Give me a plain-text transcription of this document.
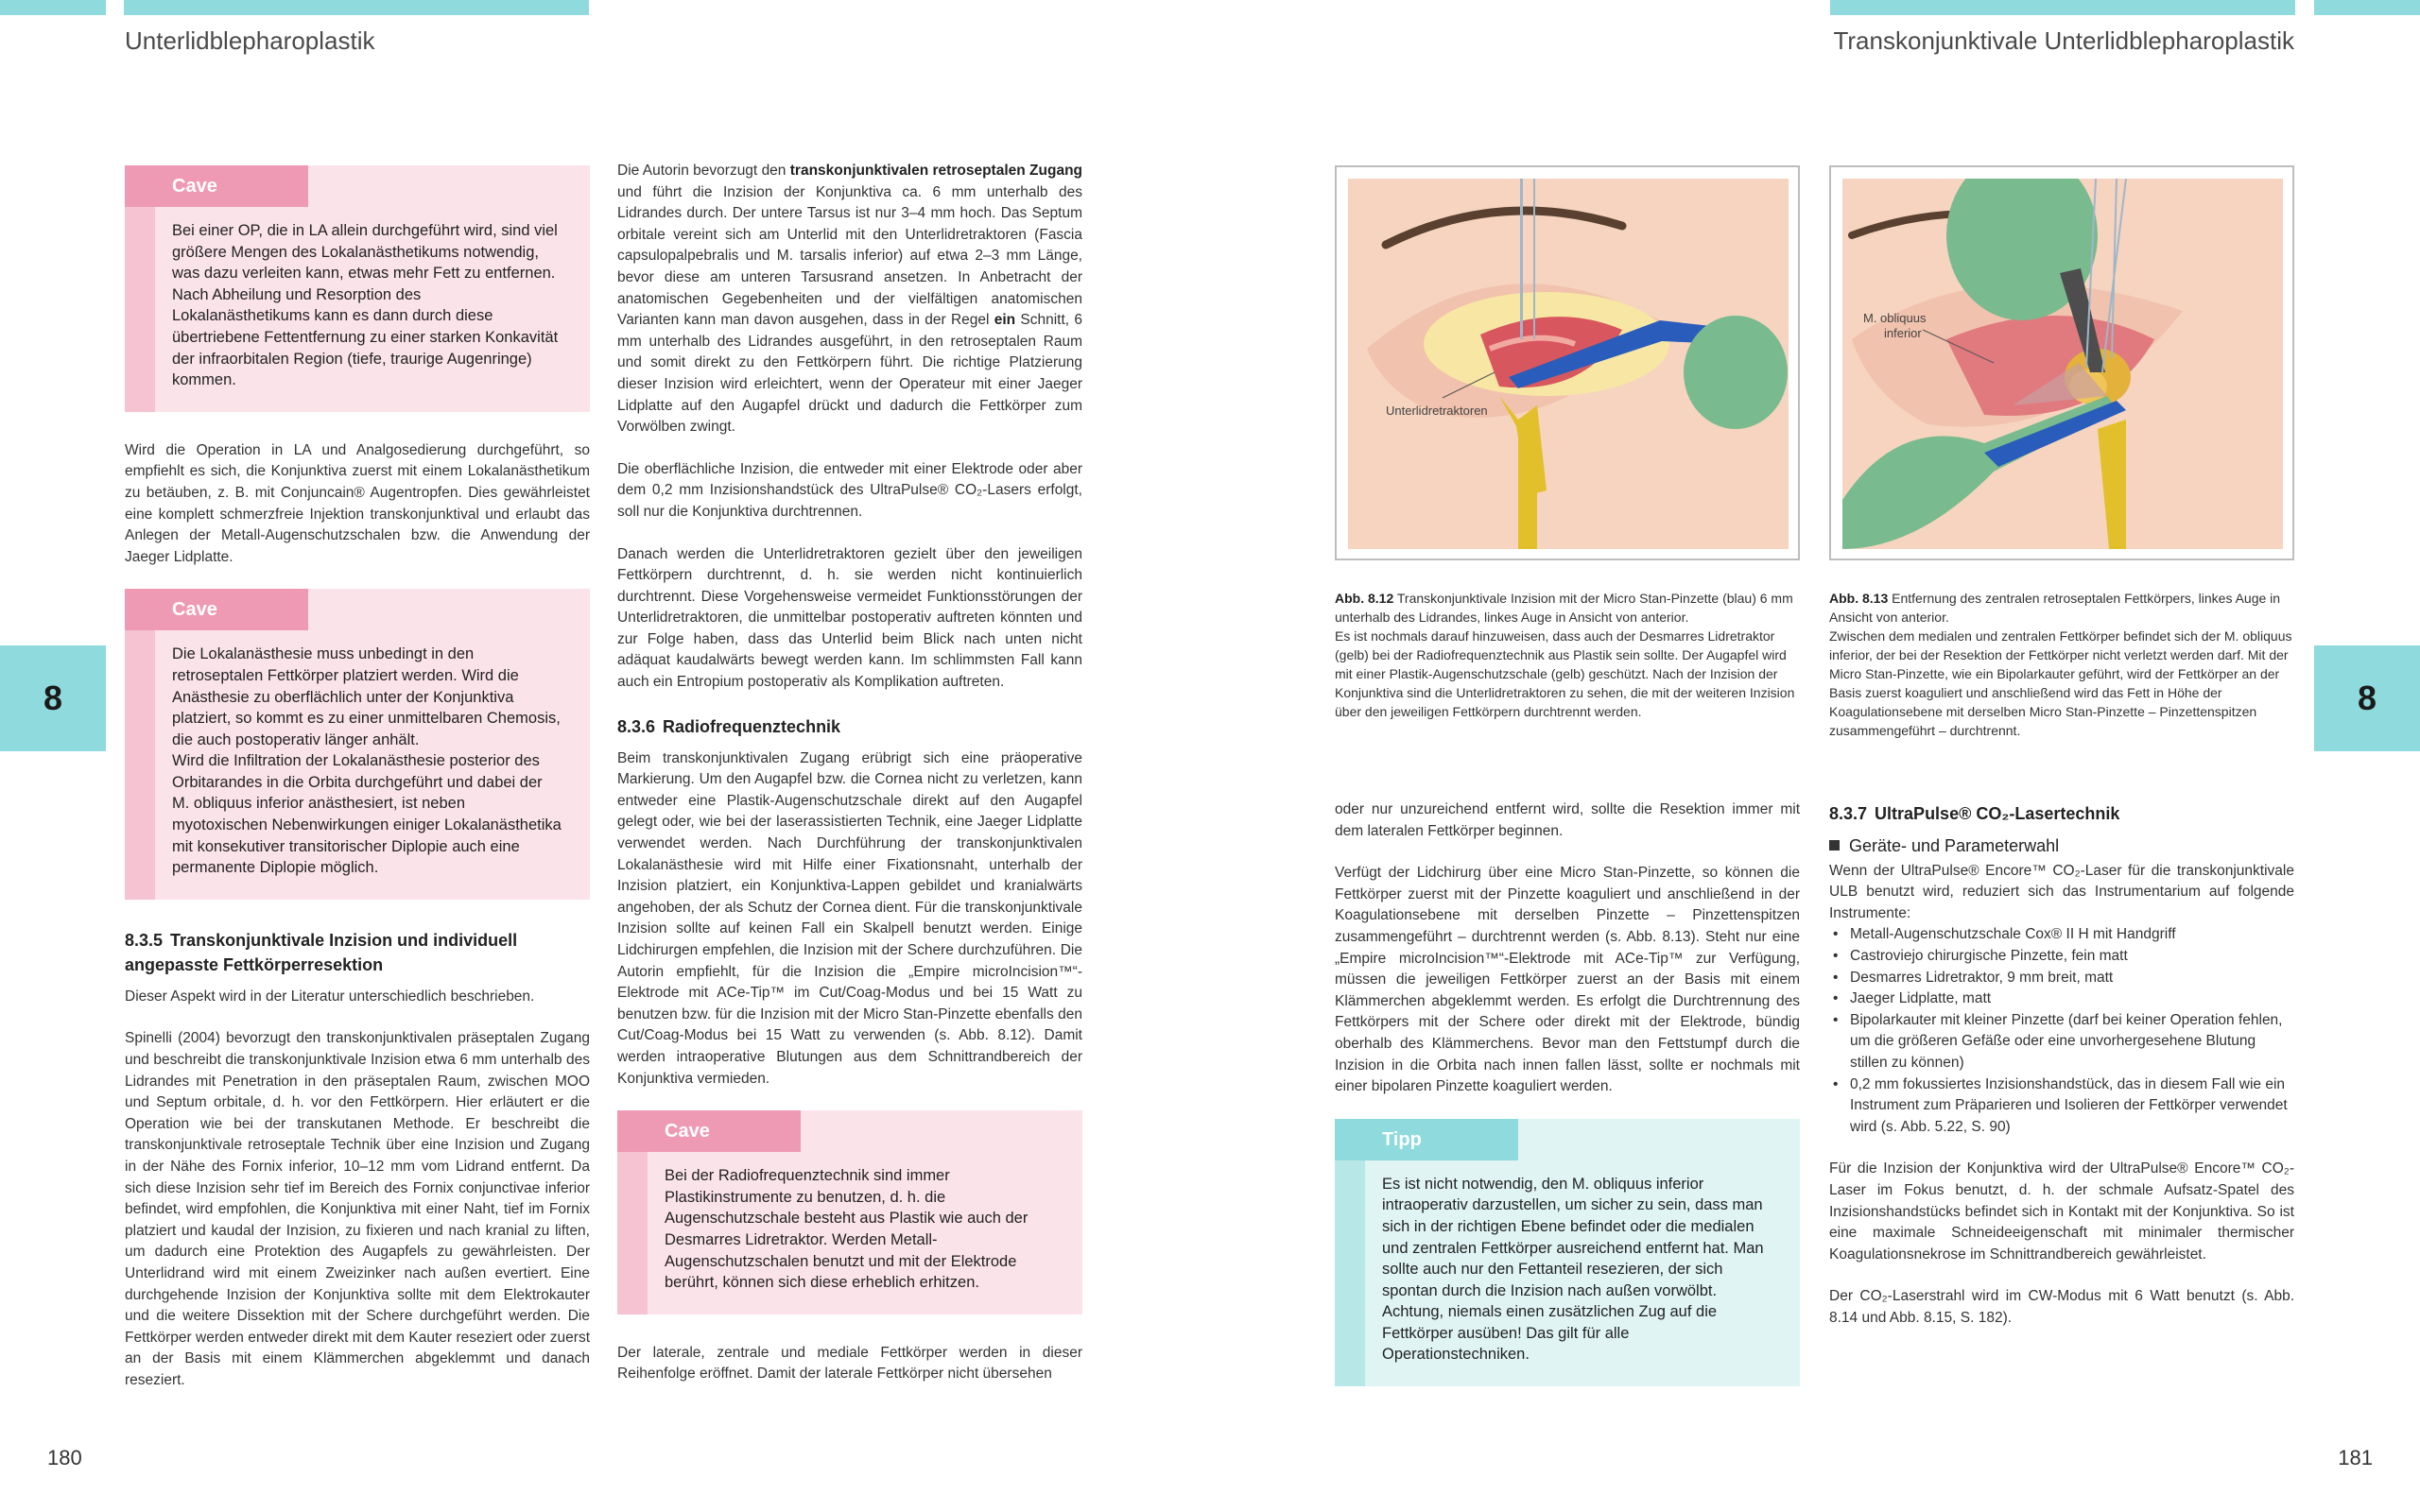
Unterlidblepharoplastik	Transkonjunktivale Unterlidblepharoplastik
8	8
180	181
Cave

Bei einer OP, die in LA allein durchgeführt wird, sind viel größere Mengen des Lokalanästhetikums notwendig, was dazu verleiten kann, etwas mehr Fett zu entfernen. Nach Abheilung und Resorption des Lokalanästhetikums kann es dann durch diese übertriebene Fettentfernung zu einer starken Konkavität der infraorbitalen Region (tiefe, traurige Augenringe) kommen.

Wird die Operation in LA und Analgosedierung durchgeführt, so empfiehlt es sich, die Konjunktiva zuerst mit einem Lokalanästhetikum zu betäuben, z. B. mit Conjuncain® Augentropfen. Dies gewährleistet eine komplett schmerzfreie Injektion transkonjunktival und erlaubt das Anlegen der Metall-Augenschutzschalen bzw. die Anwendung der Jaeger Lidplatte.

Cave

Die Lokalanästhesie muss unbedingt in den retroseptalen Fettkörper platziert werden. Wird die Anästhesie zu oberflächlich unter der Konjunktiva platziert, so kommt es zu einer unmittelbaren Chemosis, die auch postoperativ länger anhält.

Wird die Infiltration der Lokalanästhesie posterior des Orbitarandes in die Orbita durchgeführt und dabei der M. obliquus inferior anästhesiert, ist neben myotoxischen Nebenwirkungen einiger Lokalanästhetika mit konsekutiver transitorischer Diplopie auch eine permanente Diplopie möglich.

8.3.5 Transkonjunktivale Inzision und individuell angepasste Fettkörperresektion

Dieser Aspekt wird in der Literatur unterschiedlich beschrieben.

Spinelli (2004) bevorzugt den transkonjunktivalen präseptalen Zugang und beschreibt die transkonjunktivale Inzision etwa 6 mm unterhalb des Lidrandes mit Penetration in den präseptalen Raum, zwischen MOO und Septum orbitale, d. h. vor den Fettkörpern. Hier erläutert er die Operation wie bei der transkutanen Methode. Er beschreibt die transkonjunktivale retroseptale Technik über eine Inzision und Zugang in der Nähe des Fornix inferior, 10–12 mm vom Lidrand entfernt. Da sich diese Inzision sehr tief im Bereich des Fornix conjunctivae inferior befindet, wird empfohlen, die Konjunktiva mit einer Naht, tief im Fornix platziert und kaudal der Inzision, zu fixieren und nach kranial zu liften, um dadurch eine Protektion des Augapfels zu gewährleisten. Der Unterlidrand wird mit einem Zweizinker nach außen evertiert. Eine durchgehende Inzision der Konjunktiva sollte mit dem Elektrokauter und die weitere Dissektion mit der Schere durchgeführt werden. Die Fettkörper werden entweder direkt mit dem Kauter reseziert oder zuerst an der Basis mit einem Klämmerchen abgeklemmt und danach reseziert.

Die Autorin bevorzugt den transkonjunktivalen retroseptalen Zugang und führt die Inzision der Konjunktiva ca. 6 mm unterhalb des Lidrandes durch. Der untere Tarsus ist nur 3–4 mm hoch. Das Septum orbitale vereint sich am Unterlid mit den Unterlidretraktoren (Fascia capsulopalpebralis und M. tarsalis inferior) auf etwa 2–3 mm Länge, bevor diese am unteren Tarsusrand ansetzen. In Anbetracht der anatomischen Gegebenheiten und der vielfältigen anatomischen Varianten kann man davon ausgehen, dass in der Regel ein Schnitt, 6 mm unterhalb des Lidrandes ausgeführt, in den retroseptalen Raum und somit direkt zu den Fettkörpern führt. Die richtige Platzierung dieser Inzision wird erleichtert, wenn der Operateur mit einer Jaeger Lidplatte auf den Augapfel drückt und dadurch die Fettkörper zum Vorwölben zwingt.

Die oberflächliche Inzision, die entweder mit einer Elektrode oder aber dem 0,2 mm Inzisionshandstück des UltraPulse® CO₂-Lasers erfolgt, soll nur die Konjunktiva durchtrennen.

Danach werden die Unterlidretraktoren gezielt über den jeweiligen Fettkörpern durchtrennt, d. h. sie werden nicht kontinuierlich durchtrennt. Diese Vorgehensweise vermeidet Funktionsstörungen der Unterlidretraktoren, die unmittelbar postoperativ auftreten könnten und zur Folge haben, dass das Unterlid beim Blick nach unten nicht adäquat kaudalwärts bewegt werden kann. Im schlimmsten Fall kann auch ein Entropium postoperativ als Komplikation auftreten.

8.3.6 Radiofrequenztechnik

Beim transkonjunktivalen Zugang erübrigt sich eine präoperative Markierung. Um den Augapfel bzw. die Cornea nicht zu verletzen, kann entweder eine Plastik-Augenschutzschale direkt auf den Augapfel gelegt oder, wie bei der laserassistierten Technik, eine Jaeger Lidplatte verwendet werden. Nach Durchführung der transkonjunktivalen Lokalanästhesie wird mit Hilfe einer Fixationsnaht, unterhalb der Inzision platziert, ein Konjunktiva-Lappen gebildet und kranialwärts angehoben, der als Schutz der Cornea dient. Für die transkonjunktivale Inzision sollte auf keinen Fall ein Skalpell benutzt werden. Einige Lidchirurgen empfehlen, die Inzision mit der Schere durchzuführen. Die Autorin empfiehlt, für die Inzision die „Empire microIncision™“-Elektrode mit ACe-Tip™ im Cut/Coag-Modus und bei 15 Watt zu benutzen bzw. für die Inzision mit der Micro Stan-Pinzette ebenfalls den Cut/Coag-Modus bei 15 Watt zu verwenden (s. Abb. 8.12). Damit werden intraoperative Blutungen aus dem Schnittrandbereich der Konjunktiva vermieden.

Cave

Bei der Radiofrequenztechnik sind immer Plastikinstrumente zu benutzen, d. h. die Augenschutzschale besteht aus Plastik wie auch der Desmarres Lidretraktor. Werden Metall-Augenschutzschalen benutzt und mit der Elektrode berührt, können sich diese erheblich erhitzen.

Der laterale, zentrale und mediale Fettkörper werden in dieser Reihenfolge eröffnet. Damit der laterale Fettkörper nicht übersehen

Unterlidretraktoren
Abb. 8.12 Transkonjunktivale Inzision mit der Micro Stan-Pinzette (blau) 6 mm unterhalb des Lidrandes, linkes Auge in Ansicht von anterior.
Es ist nochmals darauf hinzuweisen, dass auch der Desmarres Lidretraktor (gelb) bei der Radiofrequenztechnik aus Plastik sein sollte. Der Augapfel wird mit einer Plastik-Augenschutzschale (gelb) geschützt. Nach der Inzision der Konjunktiva sind die Unterlidretraktoren zu sehen, die mit der weiteren Inzision über den jeweiligen Fettkörpern durchtrennt werden.
M. obliquus
inferior
Abb. 8.13 Entfernung des zentralen retroseptalen Fettkörpers, linkes Auge in Ansicht von anterior.
Zwischen dem medialen und zentralen Fettkörper befindet sich der M. obliquus inferior, der bei der Resektion der Fettkörper nicht verletzt werden darf. Mit der Micro Stan-Pinzette, wie ein Bipolarkauter geführt, wird der Fettkörper an der Basis zuerst koaguliert und anschließend wird das Fett in Höhe der Koagulationsebene mit derselben Micro Stan-Pinzette – Pinzettenspitzen zusammengeführt – durchtrennt.

oder nur unzureichend entfernt wird, sollte die Resektion immer mit dem lateralen Fettkörper beginnen.

Verfügt der Lidchirurg über eine Micro Stan-Pinzette, so können die Fettkörper zuerst mit der Pinzette koaguliert und anschließend in der Koagulationsebene mit derselben Pinzette – Pinzettenspitzen zusammengeführt – durchtrennt werden (s. Abb. 8.13). Steht nur eine „Empire microIncision™“-Elektrode mit ACe-Tip™ zur Verfügung, müssen die jeweiligen Fettkörper zuerst an der Basis mit einem Klämmerchen abgeklemmt werden. Es erfolgt die Durchtrennung des Fettkörpers mit der Schere oder direkt mit der Elektrode, bündig oberhalb des Klämmerchens. Bevor man den Fettstumpf durch die Inzision in die Orbita nach innen fallen lässt, sollte er nochmals mit einer bipolaren Pinzette koaguliert werden.

Tipp

Es ist nicht notwendig, den M. obliquus inferior intraoperativ darzustellen, um sicher zu sein, dass man sich in der richtigen Ebene befindet oder die medialen und zentralen Fettkörper ausreichend entfernt hat. Man sollte auch nur den Fettanteil resezieren, der sich spontan durch die Inzision nach außen vorwölbt.

Achtung, niemals einen zusätzlichen Zug auf die Fettkörper ausüben! Das gilt für alle Operationstechniken.

8.3.7 UltraPulse® CO₂-Lasertechnik
Geräte- und Parameterwahl

Wenn der UltraPulse® Encore™ CO₂-Laser für die transkonjunktivale ULB benutzt wird, reduziert sich das Instrumentarium auf folgende Instrumente:

• Metall-Augenschutzschale Cox® II H mit Handgriff
• Castroviejo chirurgische Pinzette, fein matt
• Desmarres Lidretraktor, 9 mm breit, matt
• Jaeger Lidplatte, matt
• Bipolarkauter mit kleiner Pinzette (darf bei keiner Operation fehlen, um die größeren Gefäße oder eine unvorhergesehene Blutung stillen zu können)
• 0,2 mm fokussiertes Inzisionshandstück, das in diesem Fall wie ein Instrument zum Präparieren und Isolieren der Fettkörper verwendet wird (s. Abb. 5.22, S. 90)

Für die Inzision der Konjunktiva wird der UltraPulse® Encore™ CO₂-Laser im Fokus benutzt, d. h. der schmale Aufsatz-Spatel des Inzisionshandstücks befindet sich in Kontakt mit der Konjunktiva. So ist eine maximale Schneideeigenschaft mit minimaler thermischer Koagulationsnekrose im Schnittrandbereich gewährleistet.

Der CO₂-Laserstrahl wird im CW-Modus mit 6 Watt benutzt (s. Abb. 8.14 und Abb. 8.15, S. 182).
